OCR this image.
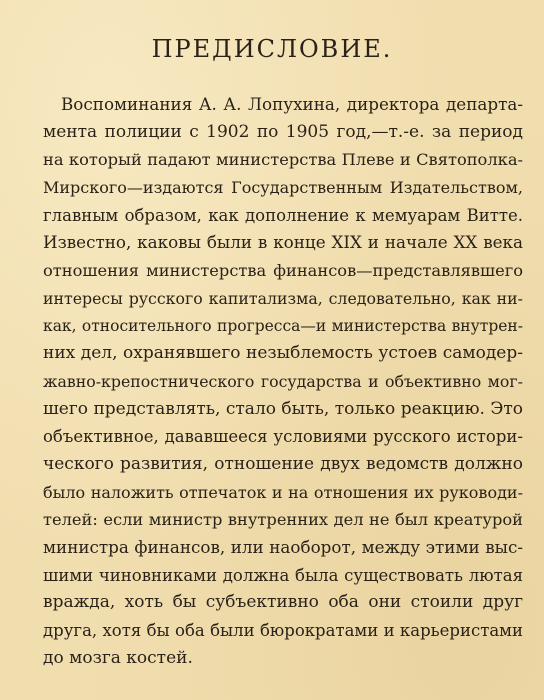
ПРЕДИСЛОВИЕ.
Воспоминания А. А. Лопухина, директора департа-
мента полиции с 1902 по 1905 год,—т.-е. за период
на который падают министерства Плеве и Святополка-
Мирского—издаются Государственным Издательством,
главным образом, как дополнение к мемуарам Витте.
Известно, каковы были в конце XIX и начале XX века
отношения министерства финансов—представлявшего
интересы русского капитализма, следовательно, как ни-
как, относительного прогресса—и министерства внутрен-
них дел, охранявшего незыблемость устоев самодер-
жавно-крепостнического государства и объективно мог-
шего представлять, стало быть, только реакцию. Это
объективное, дававшееся условиями русского истори-
ческого развития, отношение двух ведомств должно
было наложить отпечаток и на отношения их руководи-
телей: если министр внутренних дел не был креатурой
министра финансов, или наоборот, между этими выс-
шими чиновниками должна была существовать лютая
вражда, хоть бы субъективно оба они стоили друг
друга, хотя бы оба были бюрократами и карьеристами
до мозга костей.
